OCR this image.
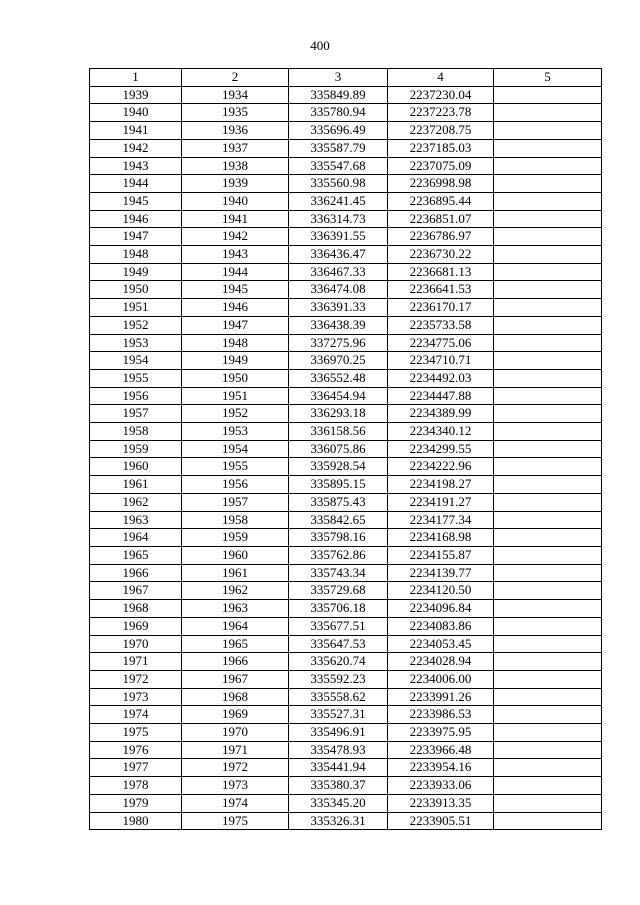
400
1	2	3	4	5
1939	1934	335849.89	2237230.04	
1940	1935	335780.94	2237223.78	
1941	1936	335696.49	2237208.75	
1942	1937	335587.79	2237185.03	
1943	1938	335547.68	2237075.09	
1944	1939	335560.98	2236998.98	
1945	1940	336241.45	2236895.44	
1946	1941	336314.73	2236851.07	
1947	1942	336391.55	2236786.97	
1948	1943	336436.47	2236730.22	
1949	1944	336467.33	2236681.13	
1950	1945	336474.08	2236641.53	
1951	1946	336391.33	2236170.17	
1952	1947	336438.39	2235733.58	
1953	1948	337275.96	2234775.06	
1954	1949	336970.25	2234710.71	
1955	1950	336552.48	2234492.03	
1956	1951	336454.94	2234447.88	
1957	1952	336293.18	2234389.99	
1958	1953	336158.56	2234340.12	
1959	1954	336075.86	2234299.55	
1960	1955	335928.54	2234222.96	
1961	1956	335895.15	2234198.27	
1962	1957	335875.43	2234191.27	
1963	1958	335842.65	2234177.34	
1964	1959	335798.16	2234168.98	
1965	1960	335762.86	2234155.87	
1966	1961	335743.34	2234139.77	
1967	1962	335729.68	2234120.50	
1968	1963	335706.18	2234096.84	
1969	1964	335677.51	2234083.86	
1970	1965	335647.53	2234053.45	
1971	1966	335620.74	2234028.94	
1972	1967	335592.23	2234006.00	
1973	1968	335558.62	2233991.26	
1974	1969	335527.31	2233986.53	
1975	1970	335496.91	2233975.95	
1976	1971	335478.93	2233966.48	
1977	1972	335441.94	2233954.16	
1978	1973	335380.37	2233933.06	
1979	1974	335345.20	2233913.35	
1980	1975	335326.31	2233905.51	
